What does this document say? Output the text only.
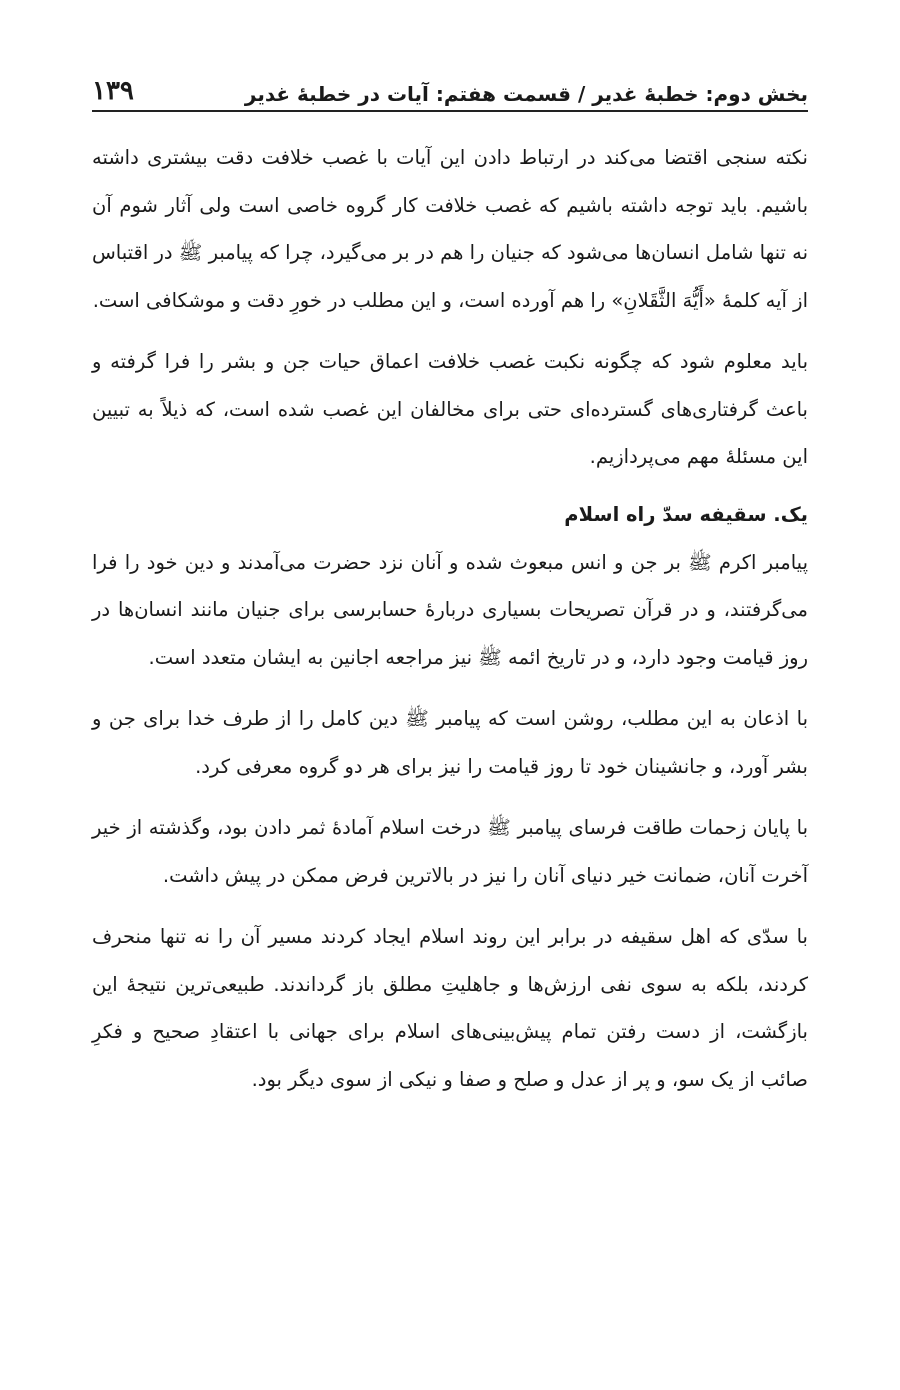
بخش دوم: خطبۀ غدیر / قسمت هفتم: آیات در خطبۀ غدیر
۱۳۹

نکته سنجی اقتضا می‌کند در ارتباط دادن این آیات با غصب خلافت دقت بیشتری داشته باشیم. باید توجه داشته باشیم که غصب خلافت کار گروه خاصی است ولی آثار شوم آن نه تنها شامل انسان‌ها می‌شود که جنیان را هم در بر می‌گیرد، چرا که پیامبر ﷺ در اقتباس از آیه کلمۀ «أَيُّهَ الثَّقَلانِ» را هم آورده است، و این مطلب در خورِ دقت و موشکافی است.

باید معلوم شود که چگونه نکبت غصب خلافت اعماق حیات جن و بشر را فرا گرفته و باعث گرفتاری‌های گسترده‌ای حتی برای مخالفان این غصب شده است، که ذیلاً به تبیین این مسئلۀ مهم می‌پردازیم.

یک. سقیفه سدّ راه اسلام

پیامبر اکرم ﷺ بر جن و انس مبعوث شده و آنان نزد حضرت می‌آمدند و دین خود را فرا می‌گرفتند، و در قرآن تصریحات بسیاری دربارۀ حسابرسی برای جنیان مانند انسان‌ها در روز قیامت وجود دارد، و در تاریخ ائمه ﷺ نیز مراجعه اجانین به ایشان متعدد است.

با اذعان به این مطلب، روشن است که پیامبر ﷺ دین کامل را از طرف خدا برای جن و بشر آورد، و جانشینان خود تا روز قیامت را نیز برای هر دو گروه معرفی کرد.

با پایان زحمات طاقت فرسای پیامبر ﷺ درخت اسلام آمادۀ ثمر دادن بود، وگذشته از خیر آخرت آنان، ضمانت خیر دنیای آنان را نیز در بالاترین فرض ممکن در پیش داشت.

با سدّی که اهل سقیفه در برابر این روند اسلام ایجاد کردند مسیر آن را نه تنها منحرف کردند، بلکه به سوی نفی ارزش‌ها و جاهلیتِ مطلق باز گرداندند. طبیعی‌ترین نتیجۀ این بازگشت، از دست رفتن تمام پیش‌بینی‌های اسلام برای جهانی با اعتقادِ صحیح و فکرِ صائب از یک سو، و پر از عدل و صلح و صفا و نیکی از سوی دیگر بود.
